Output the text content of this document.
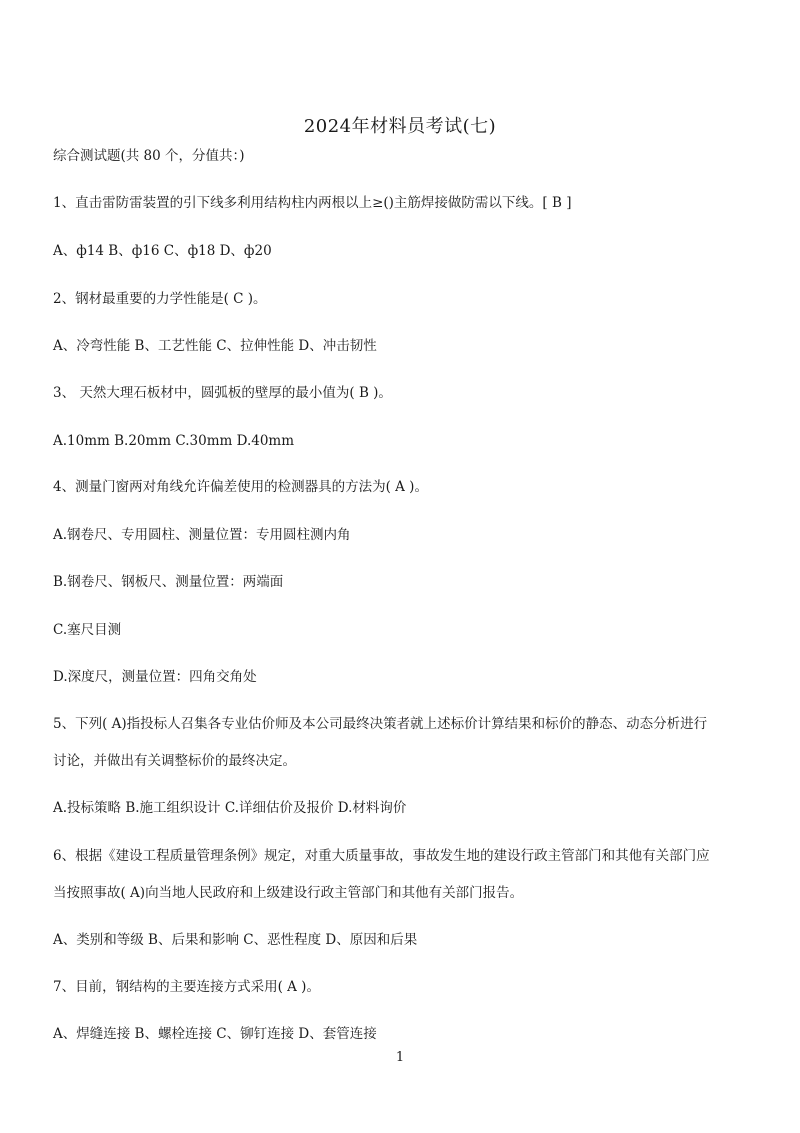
2024年材料员考试(七)
综合测试题(共 80 个，分值共：)
1、直击雷防雷装置的引下线多利用结构柱内两根以上≥()主筋焊接做防需以下线。[ B ]
A、ф14 B、ф16 C、ф18 D、ф20
2、钢材最重要的力学性能是( C )。
A、冷弯性能 B、工艺性能 C、拉伸性能 D、冲击韧性
3、 天然大理石板材中，圆弧板的壁厚的最小值为( B )。
A.10mm B.20mm C.30mm D.40mm
4、测量门窗两对角线允许偏差使用的检测器具的方法为( A )。
A.钢卷尺、专用圆柱、测量位置：专用圆柱测内角
B.钢卷尺、钢板尺、测量位置：两端面
C.塞尺目测
D.深度尺，测量位置：四角交角处
5、下列( A)指投标人召集各专业估价师及本公司最终决策者就上述标价计算结果和标价的静态、动态分析进行
讨论，并做出有关调整标价的最终决定。
A.投标策略 B.施工组织设计 C.详细估价及报价 D.材料询价
6、根据《建设工程质量管理条例》规定，对重大质量事故，事故发生地的建设行政主管部门和其他有关部门应
当按照事故( A)向当地人民政府和上级建设行政主管部门和其他有关部门报告。
A、类别和等级 B、后果和影响 C、恶性程度 D、原因和后果
7、目前，钢结构的主要连接方式采用( A )。
A、焊缝连接 B、螺栓连接 C、铆钉连接 D、套管连接
1
